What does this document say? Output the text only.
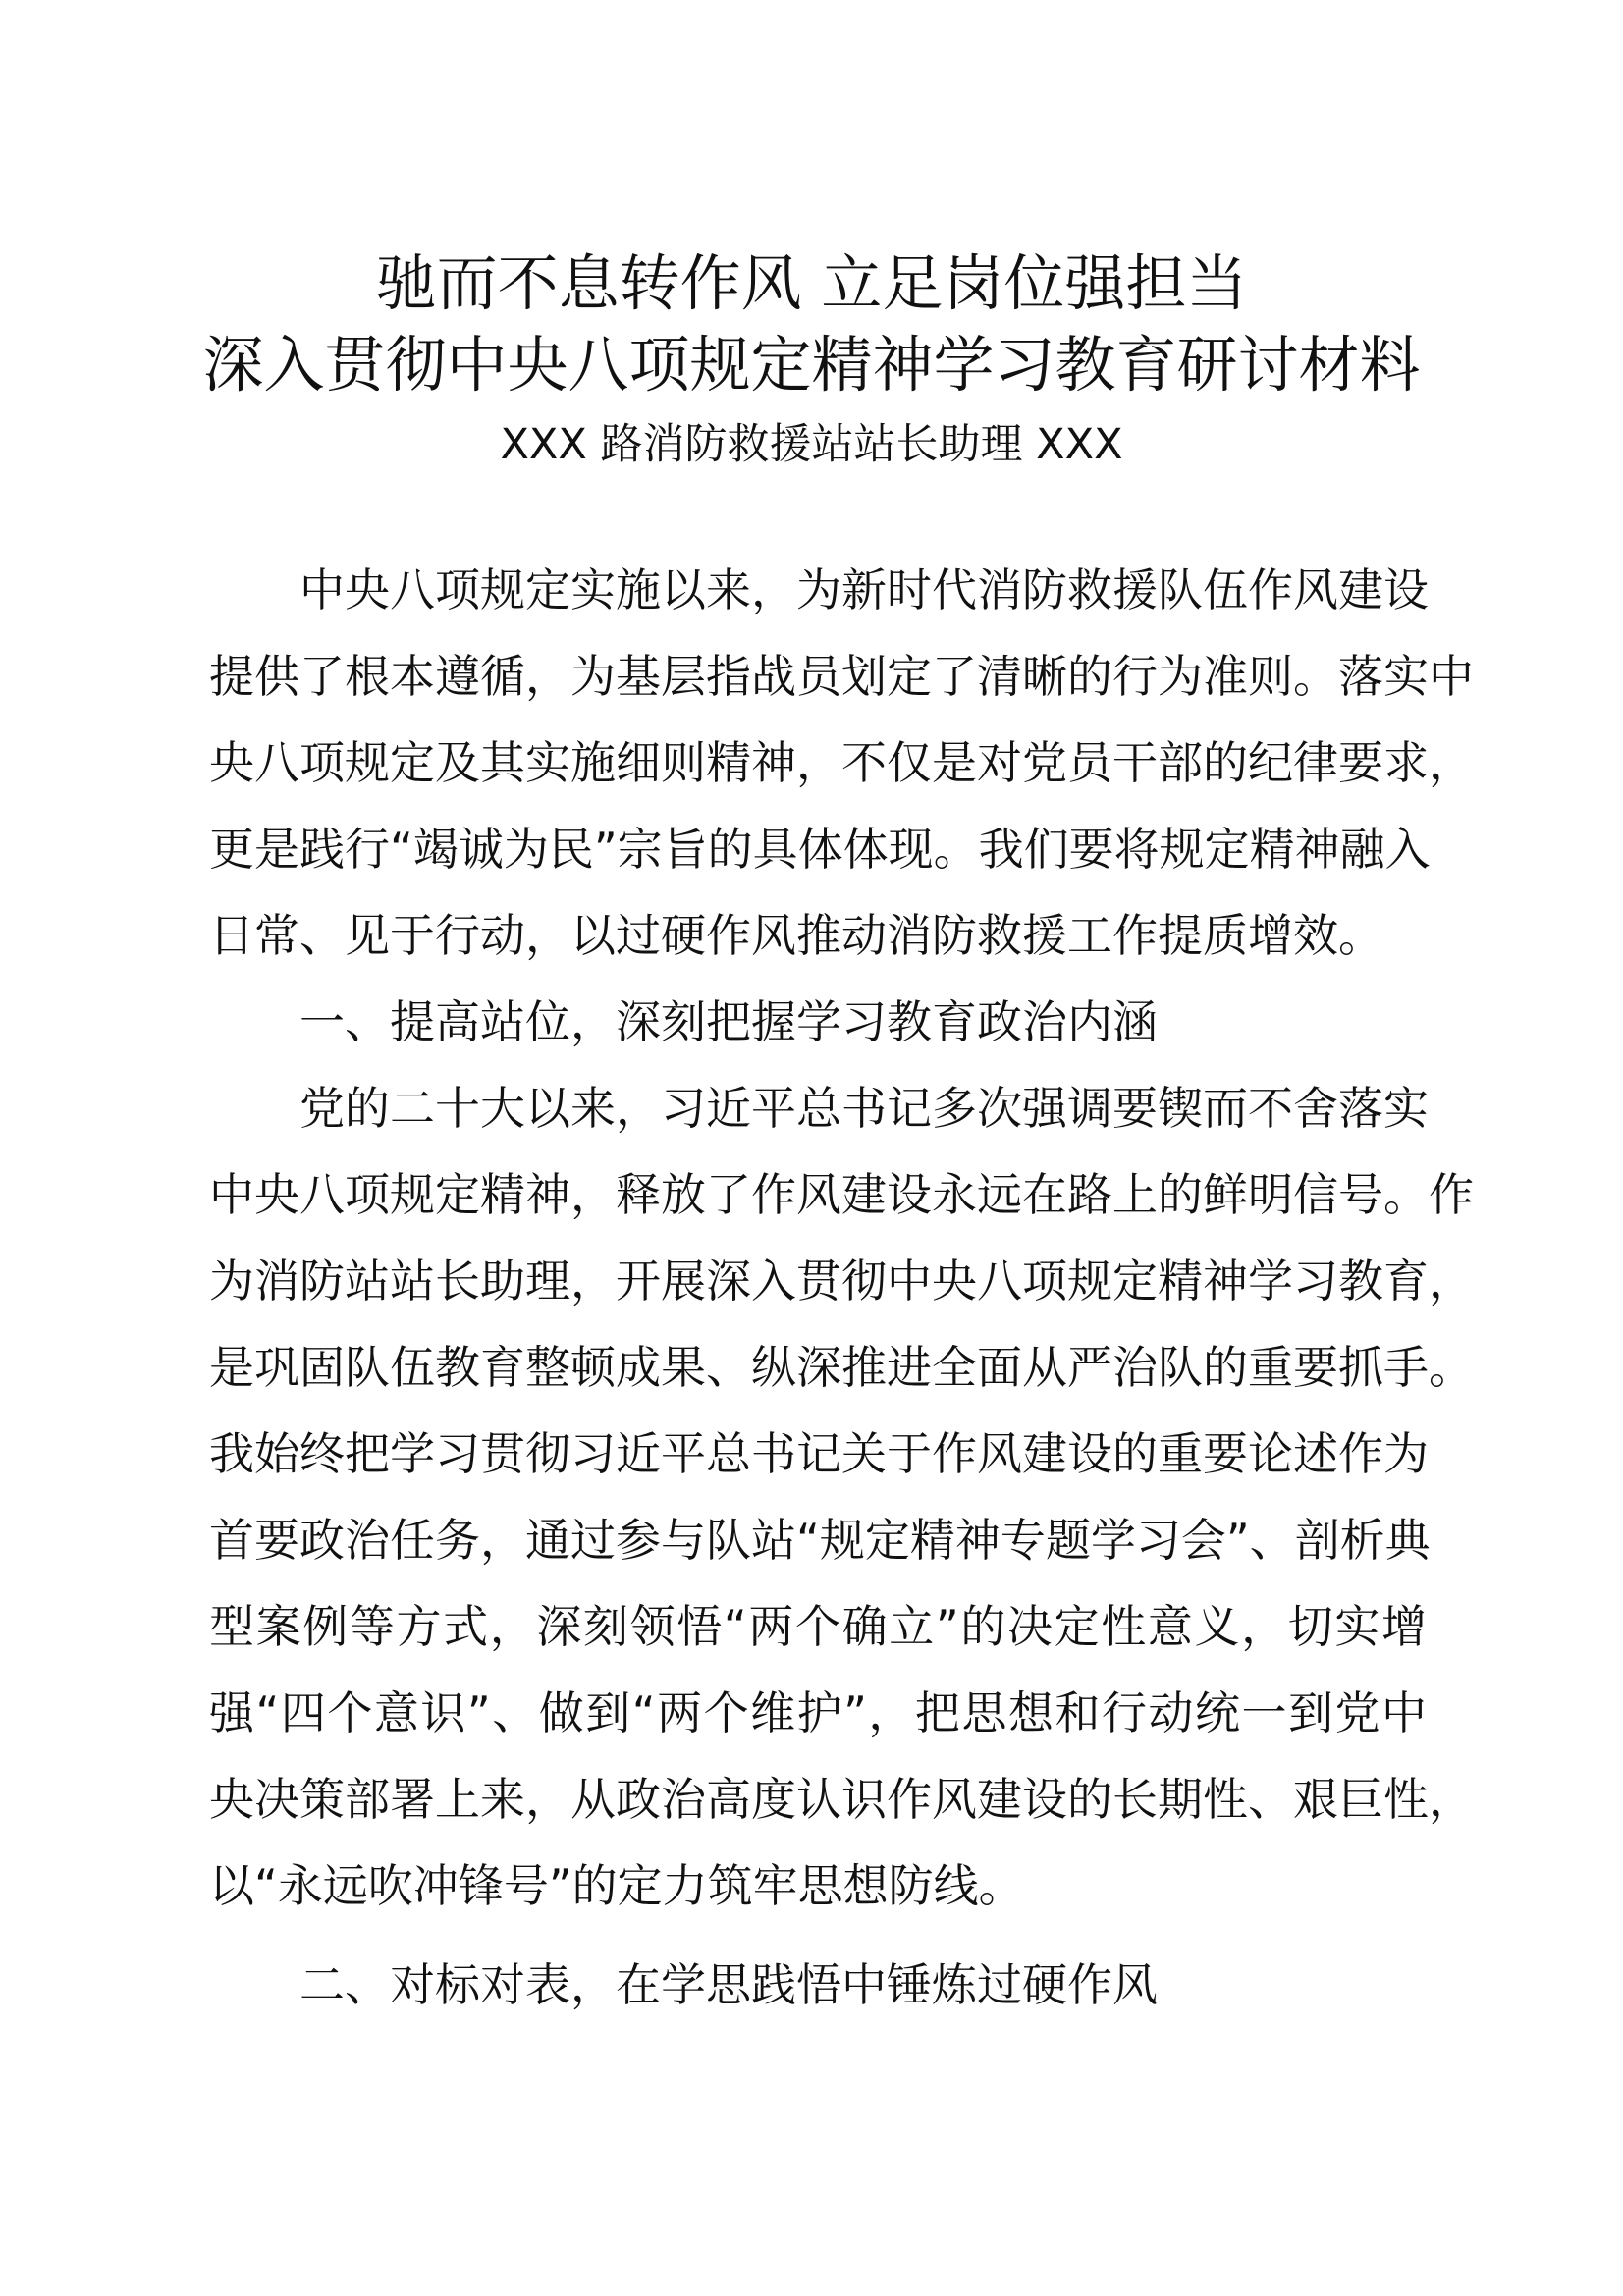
驰而不息转作风 立足岗位强担当
深入贯彻中央八项规定精神学习教育研讨材料
XXX 路消防救援站站长助理 XXX
中央八项规定实施以来，为新时代消防救援队伍作风建设
提供了根本遵循，为基层指战员划定了清晰的行为准则。落实中
央八项规定及其实施细则精神，不仅是对党员干部的纪律要求，
更是践行“竭诚为民”宗旨的具体体现。我们要将规定精神融入
日常、见于行动，以过硬作风推动消防救援工作提质增效。
一、提高站位，深刻把握学习教育政治内涵
党的二十大以来，习近平总书记多次强调要锲而不舍落实
中央八项规定精神，释放了作风建设永远在路上的鲜明信号。作
为消防站站长助理，开展深入贯彻中央八项规定精神学习教育，
是巩固队伍教育整顿成果、纵深推进全面从严治队的重要抓手。
我始终把学习贯彻习近平总书记关于作风建设的重要论述作为
首要政治任务，通过参与队站“规定精神专题学习会”、剖析典
型案例等方式，深刻领悟“两个确立”的决定性意义，切实增
强“四个意识”、做到“两个维护”，把思想和行动统一到党中
央决策部署上来，从政治高度认识作风建设的长期性、艰巨性，
以“永远吹冲锋号”的定力筑牢思想防线。
二、对标对表，在学思践悟中锤炼过硬作风
